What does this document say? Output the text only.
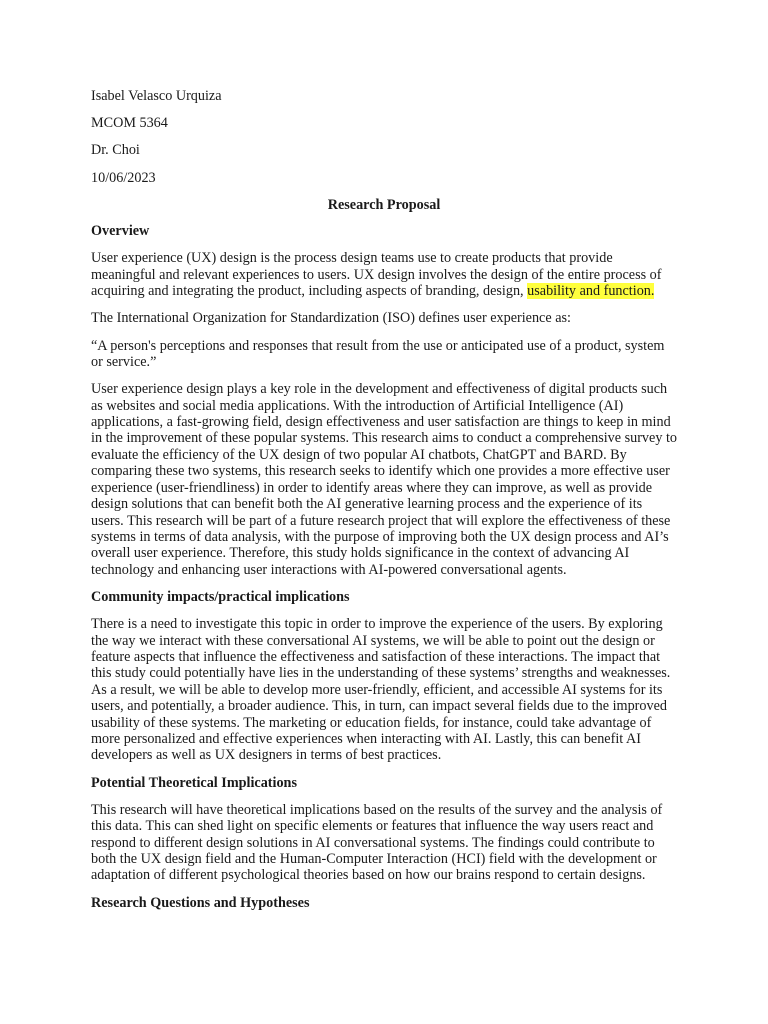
Isabel Velasco Urquiza
MCOM 5364
Dr. Choi
10/06/2023
Research Proposal
Overview

User experience (UX) design is the process design teams use to create products that provide meaningful and relevant experiences to users. UX design involves the design of the entire process of acquiring and integrating the product, including aspects of branding, design, usability and function.

The International Organization for Standardization (ISO) defines user experience as:

“A person's perceptions and responses that result from the use or anticipated use of a product, system or service.”

User experience design plays a key role in the development and effectiveness of digital products such as websites and social media applications. With the introduction of Artificial Intelligence (AI) applications, a fast-growing field, design effectiveness and user satisfaction are things to keep in mind in the improvement of these popular systems. This research aims to conduct a comprehensive survey to evaluate the efficiency of the UX design of two popular AI chatbots, ChatGPT and BARD. By comparing these two systems, this research seeks to identify which one provides a more effective user experience (user-friendliness) in order to identify areas where they can improve, as well as provide design solutions that can benefit both the AI generative learning process and the experience of its users. This research will be part of a future research project that will explore the effectiveness of these systems in terms of data analysis, with the purpose of improving both the UX design process and AI’s overall user experience. Therefore, this study holds significance in the context of advancing AI technology and enhancing user interactions with AI-powered conversational agents.

Community impacts/practical implications

There is a need to investigate this topic in order to improve the experience of the users. By exploring the way we interact with these conversational AI systems, we will be able to point out the design or feature aspects that influence the effectiveness and satisfaction of these interactions. The impact that this study could potentially have lies in the understanding of these systems’ strengths and weaknesses. As a result, we will be able to develop more user-friendly, efficient, and accessible AI systems for its users, and potentially, a broader audience. This, in turn, can impact several fields due to the improved usability of these systems. The marketing or education fields, for instance, could take advantage of more personalized and effective experiences when interacting with AI. Lastly, this can benefit AI developers as well as UX designers in terms of best practices.

Potential Theoretical Implications

This research will have theoretical implications based on the results of the survey and the analysis of this data. This can shed light on specific elements or features that influence the way users react and respond to different design solutions in AI conversational systems. The findings could contribute to both the UX design field and the Human-Computer Interaction (HCI) field with the development or adaptation of different psychological theories based on how our brains respond to certain designs.

Research Questions and Hypotheses
